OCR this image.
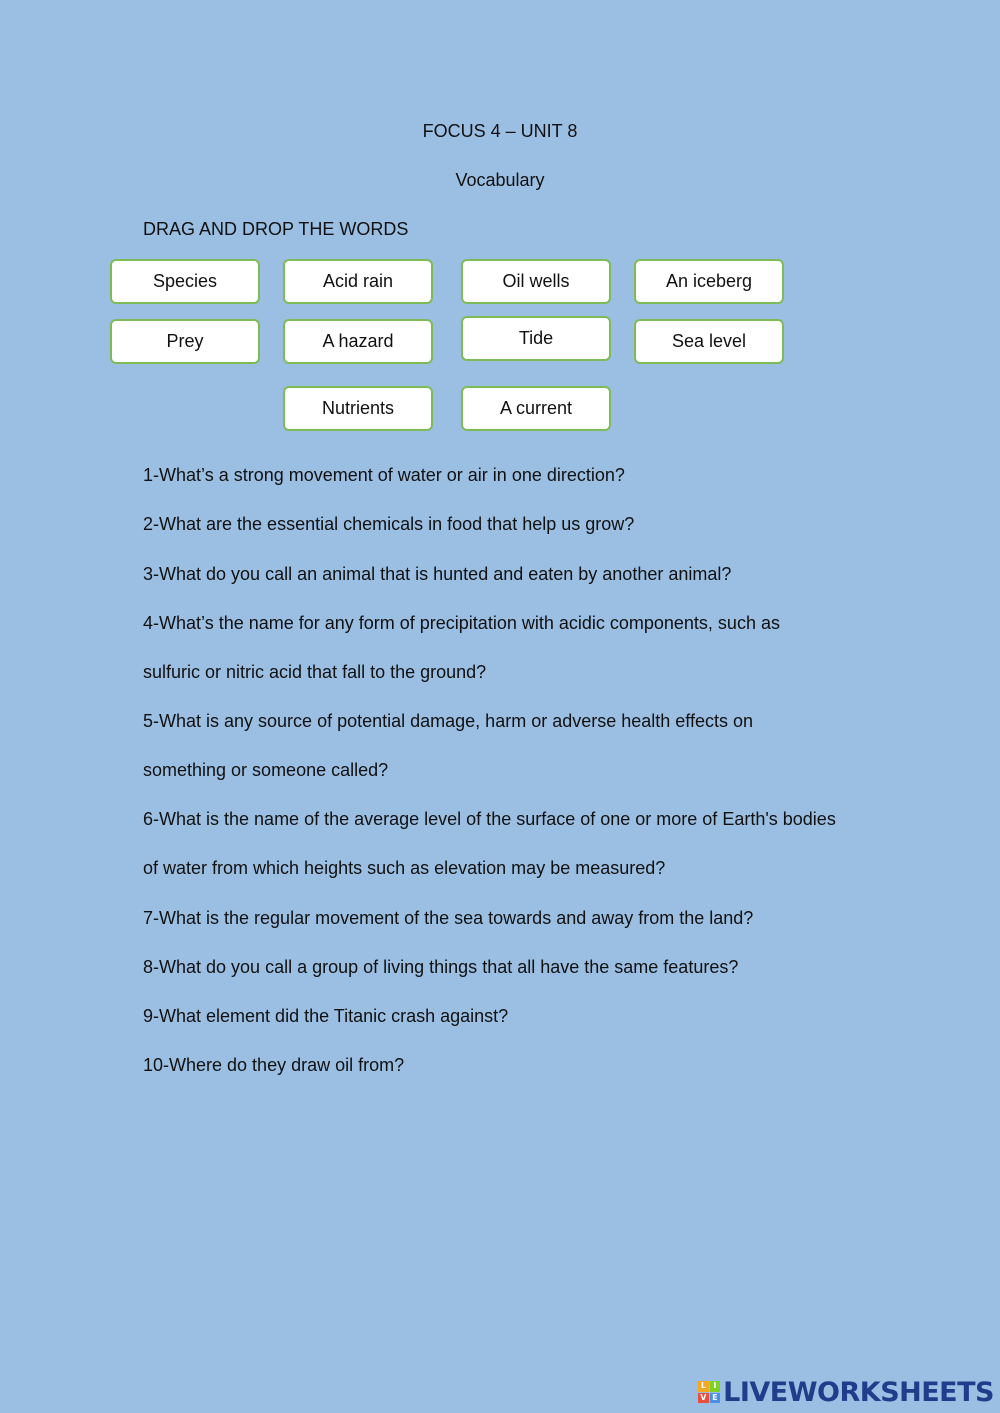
FOCUS 4 – UNIT 8
Vocabulary
DRAG AND DROP THE WORDS
Species	Acid rain	Oil wells	An iceberg
Prey	A hazard	Tide	Sea level
Nutrients	A current
1-What’s a strong movement of water or air in one direction?
2-What are the essential chemicals in food that help us grow?
3-What do you call an animal that is hunted and eaten by another animal?
4-What’s the name for any form of precipitation with acidic components, such as
sulfuric or nitric acid that fall to the ground?
5-What is any source of potential damage, harm or adverse health effects on
something or someone called?
6-What is the name of the average level of the surface of one or more of Earth's bodies
of water from which heights such as elevation may be measured?
7-What is the regular movement of the sea towards and away from the land?
8-What do you call a group of living things that all have the same features?
9-What element did the Titanic crash against?
10-Where do they draw oil from?
L I
V E LIVEWORKSHEETS
